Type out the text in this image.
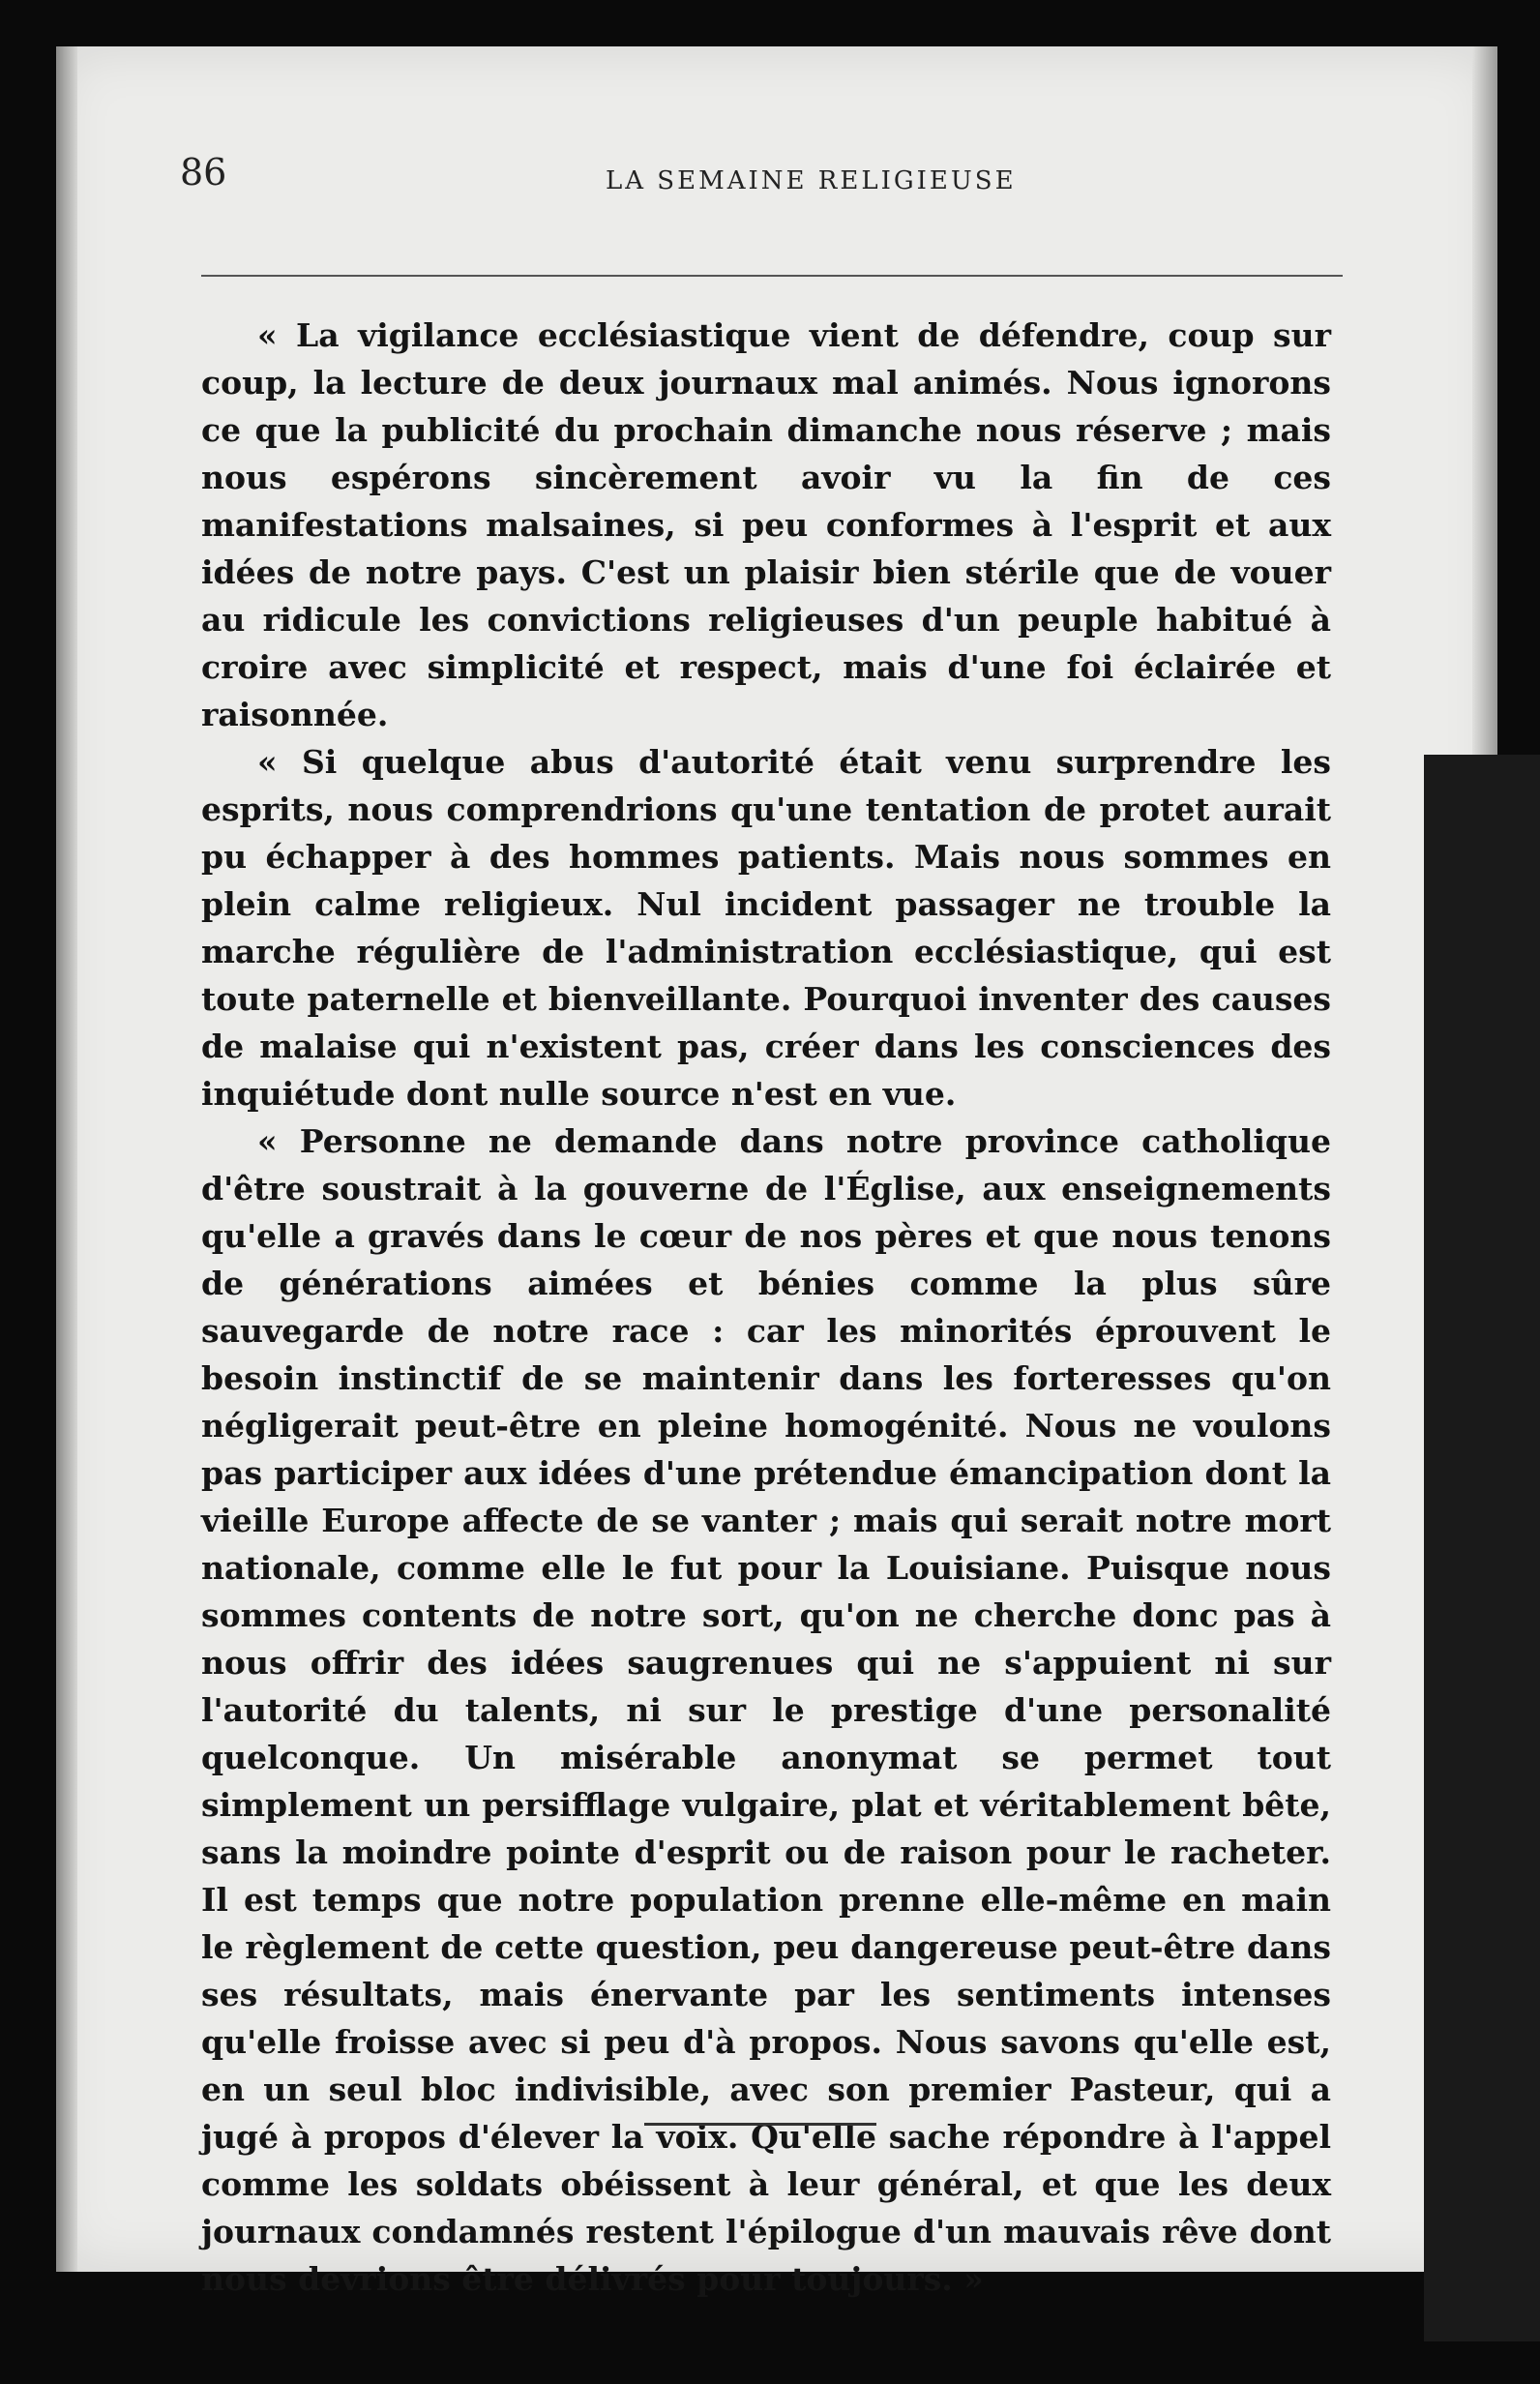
86	LA SEMAINE RELIGIEUSE

« La vigilance ecclésiastique vient de défendre, coup sur coup, la lecture de deux journaux mal animés. Nous ignorons ce que la publicité du prochain dimanche nous réserve ; mais nous espérons sincèrement avoir vu la fin de ces manifestations malsaines, si peu conformes à l'esprit et aux idées de notre pays. C'est un plaisir bien stérile que de vouer au ridicule les convictions religieuses d'un peuple habitué à croire avec simplicité et respect, mais d'une foi éclairée et raisonnée.

« Si quelque abus d'autorité était venu surprendre les esprits, nous comprendrions qu'une tentation de protet aurait pu échapper à des hommes patients. Mais nous sommes en plein calme religieux. Nul incident passager ne trouble la marche régulière de l'administration ecclésiastique, qui est toute paternelle et bienveillante. Pourquoi inventer des causes de malaise qui n'existent pas, créer dans les consciences des inquiétude dont nulle source n'est en vue.

« Personne ne demande dans notre province catholique d'être soustrait à la gouverne de l'Église, aux enseignements qu'elle a gravés dans le cœur de nos pères et que nous tenons de générations aimées et bénies comme la plus sûre sauvegarde de notre race : car les minorités éprouvent le besoin instinctif de se maintenir dans les forteresses qu'on négligerait peut-être en pleine homogénité. Nous ne voulons pas participer aux idées d'une prétendue émancipation dont la vieille Europe affecte de se vanter ; mais qui serait notre mort nationale, comme elle le fut pour la Louisiane. Puisque nous sommes contents de notre sort, qu'on ne cherche donc pas à nous offrir des idées saugrenues qui ne s'appuient ni sur l'autorité du talents, ni sur le prestige d'une personalité quelconque. Un misérable anonymat se permet tout simplement un persifflage vulgaire, plat et véritablement bête, sans la moindre pointe d'esprit ou de raison pour le racheter. Il est temps que notre population prenne elle-même en main le règlement de cette question, peu dangereuse peut-être dans ses résultats, mais énervante par les sentiments intenses qu'elle froisse avec si peu d'à propos. Nous savons qu'elle est, en un seul bloc indivisible, avec son premier Pasteur, qui a jugé à propos d'élever la voix. Qu'elle sache répondre à l'appel comme les soldats obéissent à leur général, et que les deux journaux condamnés restent l'épilogue d'un mauvais rêve dont nous devrions être délivrés pour toujours. »
